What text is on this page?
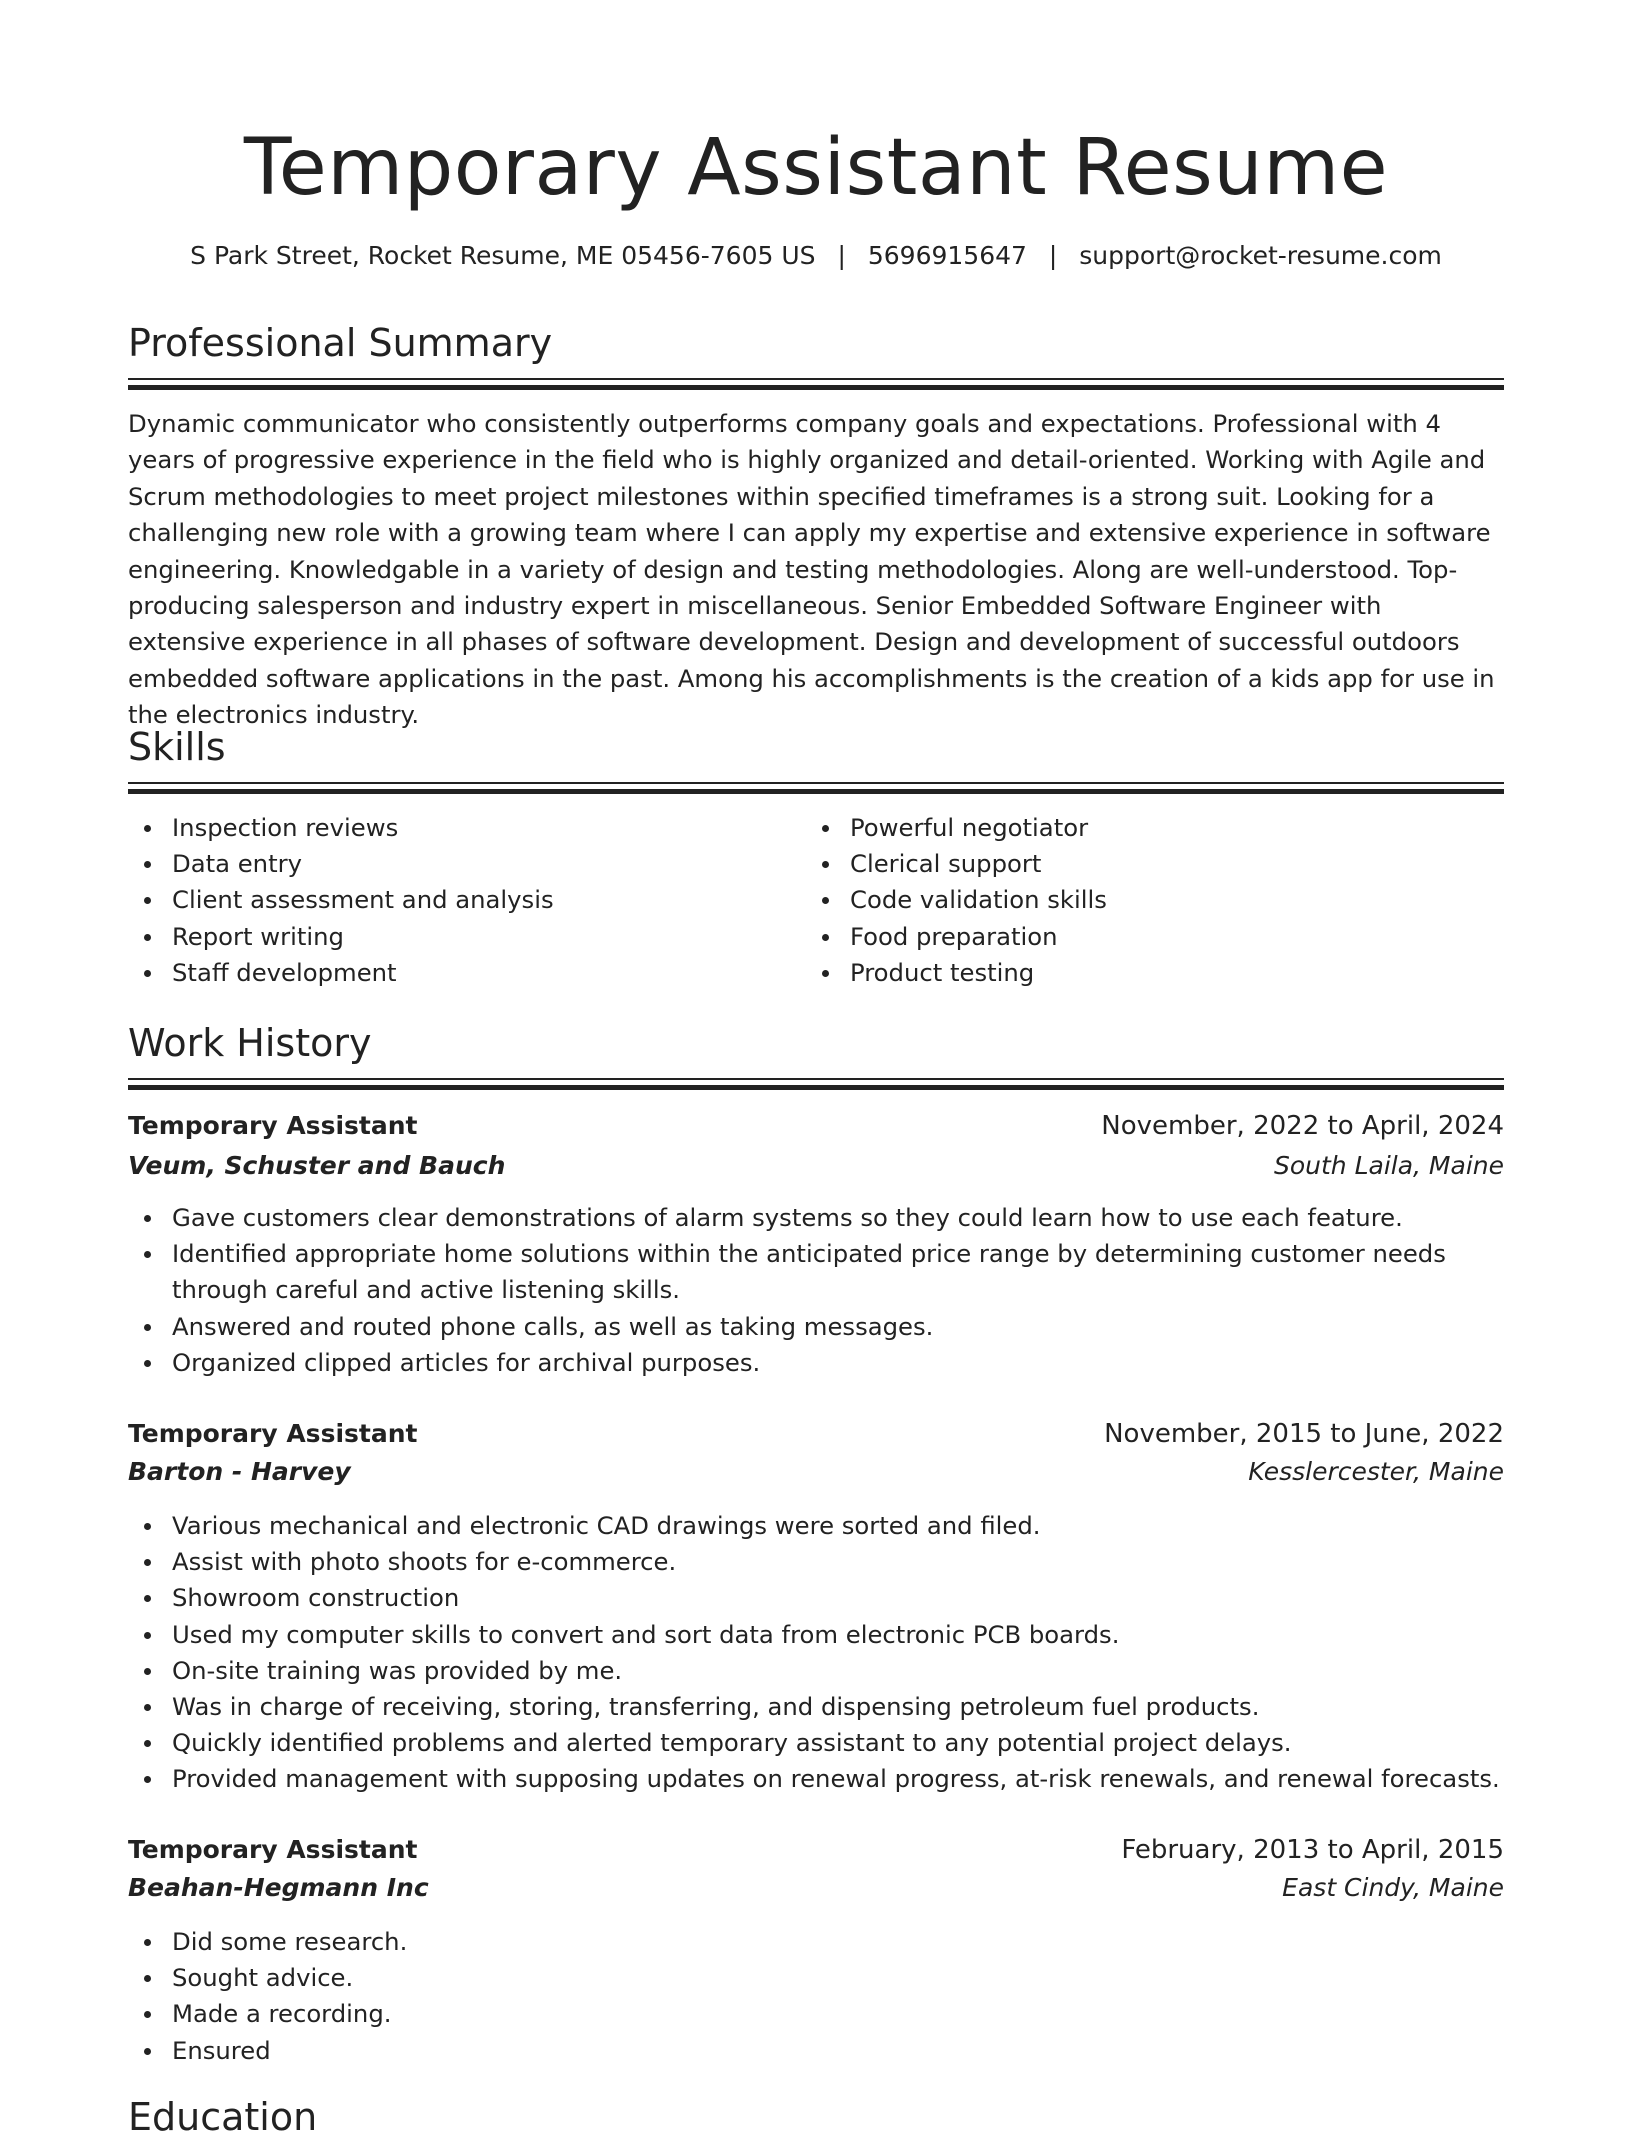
Temporary Assistant Resume
S Park Street, Rocket Resume, ME 05456-7605 US | 5696915647 | support@rocket-resume.com
Professional Summary
Dynamic communicator who consistently outperforms company goals and expectations. Professional with 4 years of progressive experience in the field who is highly organized and detail-oriented. Working with Agile and Scrum methodologies to meet project milestones within specified timeframes is a strong suit. Looking for a challenging new role with a growing team where I can apply my expertise and extensive experience in software engineering. Knowledgable in a variety of design and testing methodologies. Along are well-understood. Top-producing salesperson and industry expert in miscellaneous. Senior Embedded Software Engineer with extensive experience in all phases of software development. Design and development of successful outdoors embedded software applications in the past. Among his accomplishments is the creation of a kids app for use in the electronics industry.
Skills
Inspection reviews
Data entry
Client assessment and analysis
Report writing
Staff development
Powerful negotiator
Clerical support
Code validation skills
Food preparation
Product testing
Work History
Temporary Assistant	November, 2022 to April, 2024
Veum, Schuster and Bauch	South Laila, Maine
Gave customers clear demonstrations of alarm systems so they could learn how to use each feature.
Identified appropriate home solutions within the anticipated price range by determining customer needs through careful and active listening skills.
Answered and routed phone calls, as well as taking messages.
Organized clipped articles for archival purposes.
Temporary Assistant	November, 2015 to June, 2022
Barton - Harvey	Kesslercester, Maine
Various mechanical and electronic CAD drawings were sorted and filed.
Assist with photo shoots for e-commerce.
Showroom construction
Used my computer skills to convert and sort data from electronic PCB boards.
On-site training was provided by me.
Was in charge of receiving, storing, transferring, and dispensing petroleum fuel products.
Quickly identified problems and alerted temporary assistant to any potential project delays.
Provided management with supposing updates on renewal progress, at-risk renewals, and renewal forecasts.
Temporary Assistant	February, 2013 to April, 2015
Beahan-Hegmann Inc	East Cindy, Maine
Did some research.
Sought advice.
Made a recording.
Ensured
Education
